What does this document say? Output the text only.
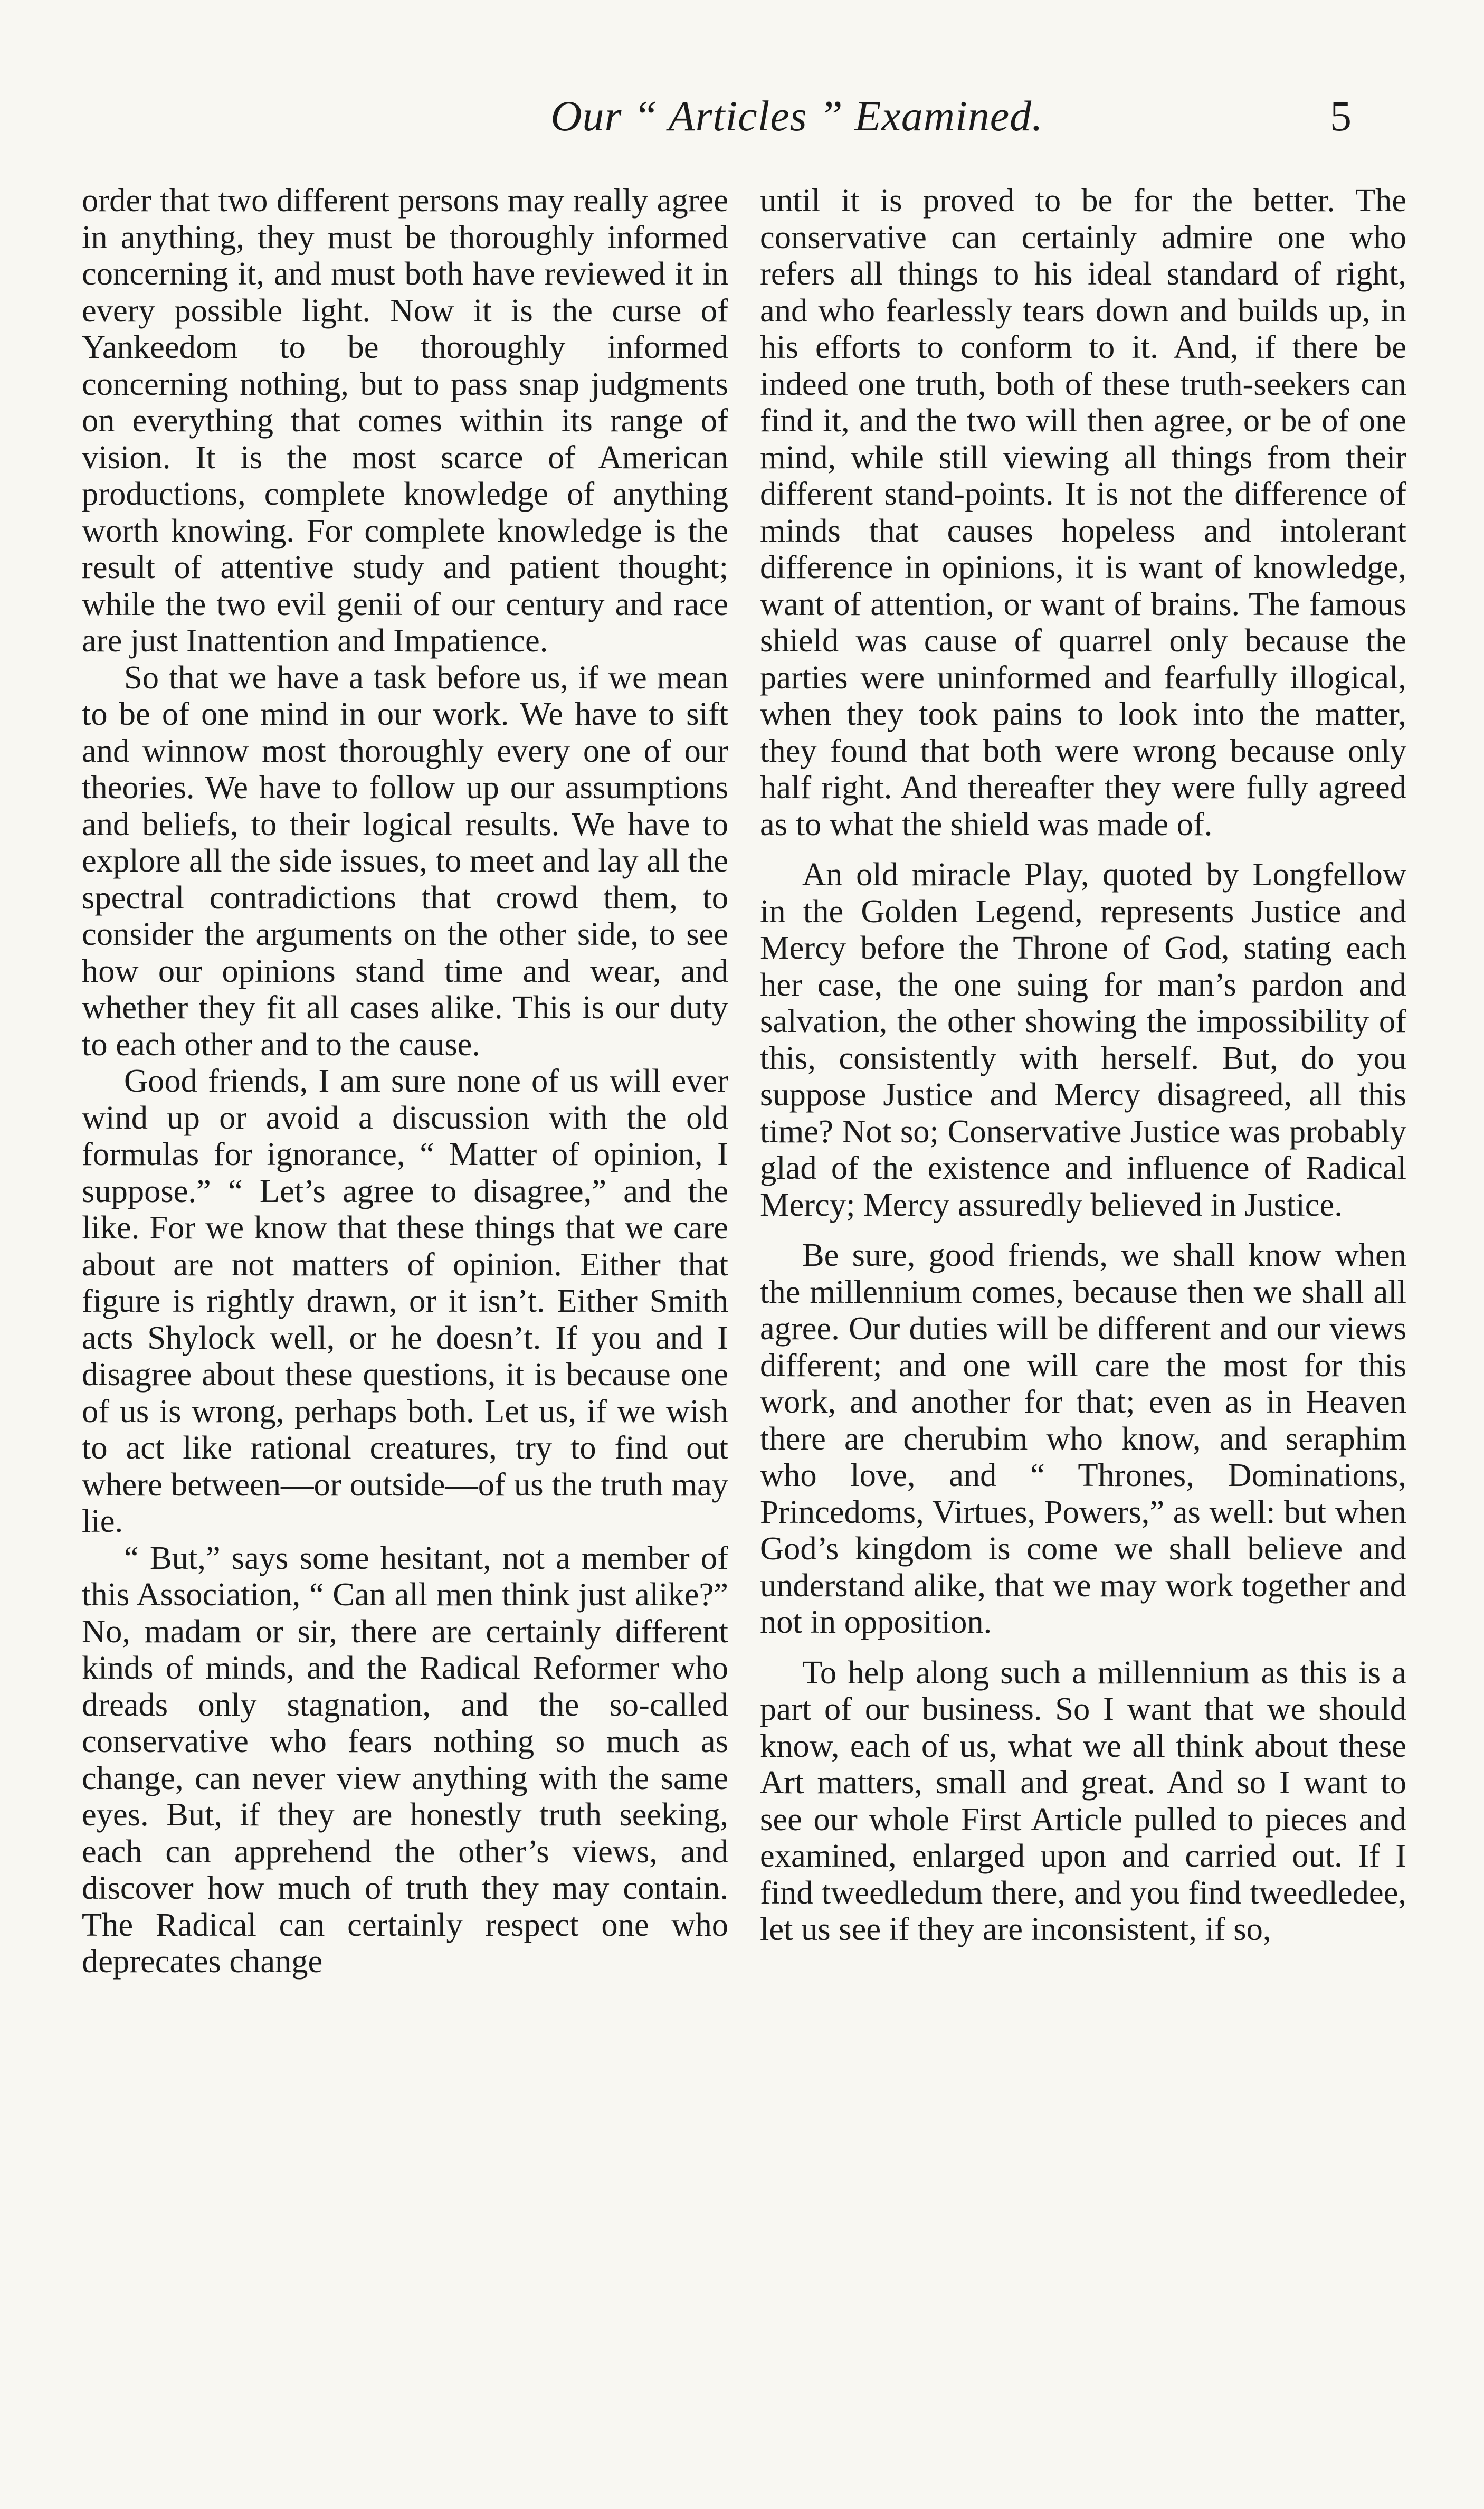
Our “ Articles ” Examined.	5

order that two different persons may really agree in anything, they must be thoroughly informed concerning it, and must both have reviewed it in every possible light. Now it is the curse of Yankeedom to be thoroughly informed concerning nothing, but to pass snap judgments on everything that comes within its range of vision. It is the most scarce of American productions, complete knowledge of anything worth knowing. For complete knowledge is the result of attentive study and patient thought; while the two evil genii of our century and race are just Inattention and Impatience.

So that we have a task before us, if we mean to be of one mind in our work. We have to sift and winnow most thoroughly every one of our theories. We have to follow up our assumptions and beliefs, to their logical results. We have to explore all the side issues, to meet and lay all the spectral contradictions that crowd them, to consider the arguments on the other side, to see how our opinions stand time and wear, and whether they fit all cases alike. This is our duty to each other and to the cause.

Good friends, I am sure none of us will ever wind up or avoid a discussion with the old formulas for ignorance, “ Matter of opinion, I suppose.” “ Let’s agree to disagree,” and the like. For we know that these things that we care about are not matters of opinion. Either that figure is rightly drawn, or it isn’t. Either Smith acts Shylock well, or he doesn’t. If you and I disagree about these questions, it is because one of us is wrong, perhaps both. Let us, if we wish to act like rational creatures, try to find out where between—or outside—of us the truth may lie.

“ But,” says some hesitant, not a member of this Association, “ Can all men think just alike?” No, madam or sir, there are certainly different kinds of minds, and the Radical Reformer who dreads only stagnation, and the so-called conservative who fears nothing so much as change, can never view anything with the same eyes. But, if they are honestly truth seeking, each can apprehend the other’s views, and discover how much of truth they may contain. The Radical can certainly respect one who deprecates change

until it is proved to be for the better. The conservative can certainly admire one who refers all things to his ideal standard of right, and who fearlessly tears down and builds up, in his efforts to conform to it. And, if there be indeed one truth, both of these truth-seekers can find it, and the two will then agree, or be of one mind, while still viewing all things from their different stand-points. It is not the difference of minds that causes hopeless and intolerant difference in opinions, it is want of knowledge, want of attention, or want of brains. The famous shield was cause of quarrel only because the parties were uninformed and fearfully illogical, when they took pains to look into the matter, they found that both were wrong because only half right. And thereafter they were fully agreed as to what the shield was made of.

An old miracle Play, quoted by Longfellow in the Golden Legend, represents Justice and Mercy before the Throne of God, stating each her case, the one suing for man’s pardon and salvation, the other showing the impossibility of this, consistently with herself. But, do you suppose Justice and Mercy disagreed, all this time? Not so; Conservative Justice was probably glad of the existence and influence of Radical Mercy; Mercy assuredly believed in Justice.

Be sure, good friends, we shall know when the millennium comes, because then we shall all agree. Our duties will be different and our views different; and one will care the most for this work, and another for that; even as in Heaven there are cherubim who know, and seraphim who love, and “ Thrones, Dominations, Princedoms, Virtues, Powers,” as well: but when God’s kingdom is come we shall believe and understand alike, that we may work together and not in opposition.

To help along such a millennium as this is a part of our business. So I want that we should know, each of us, what we all think about these Art matters, small and great. And so I want to see our whole First Article pulled to pieces and examined, enlarged upon and carried out. If I find tweedledum there, and you find tweedledee, let us see if they are inconsistent, if so,
